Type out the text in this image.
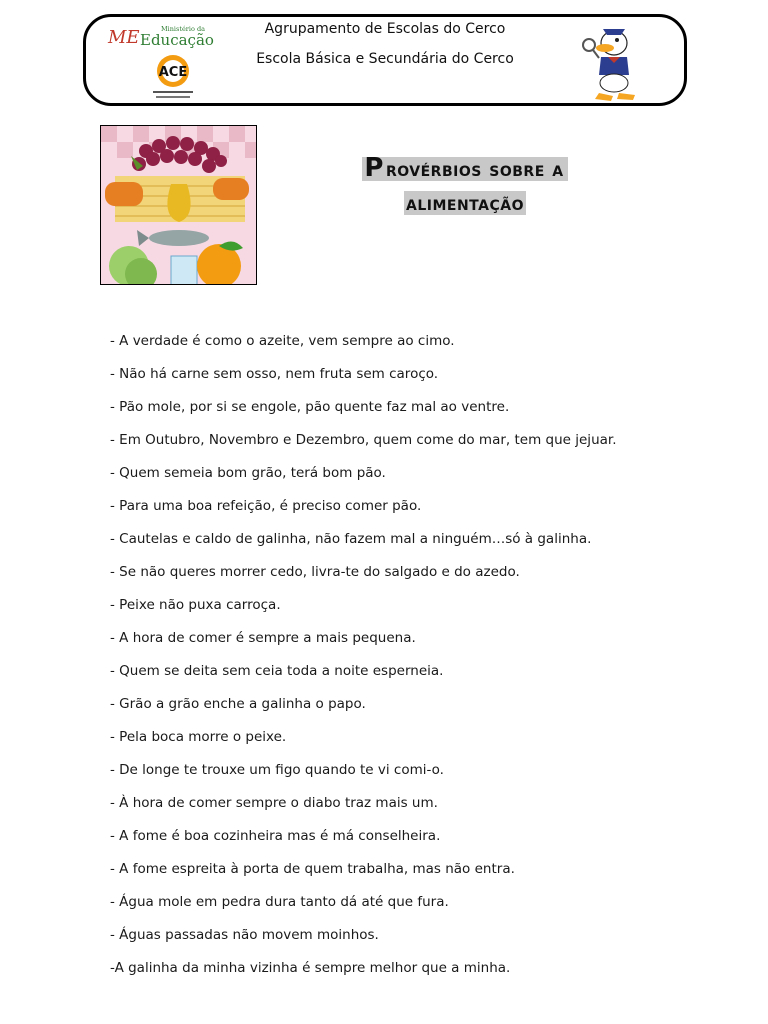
ME	Ministério da
Educação
ACE
Agrupamento de Escolas do Cerco
Escola Básica e Secundária do Cerco
P rovérbios sobre a
alimentação
- A verdade é como o azeite, vem sempre ao cimo.
- Não há carne sem osso, nem fruta sem caroço.
- Pão mole, por si se engole, pão quente faz mal ao ventre.
- Em Outubro, Novembro e Dezembro, quem come do mar, tem que jejuar.
- Quem semeia bom grão, terá bom pão.
- Para uma boa refeição, é preciso comer pão.
- Cautelas e caldo de galinha, não fazem mal a ninguém…só à galinha.
- Se não queres morrer cedo, livra-te do salgado e do azedo.
- Peixe não puxa carroça.
- A hora de comer é sempre a mais pequena.
- Quem se deita sem ceia toda a noite esperneia.
- Grão a grão enche a galinha o papo.
- Pela boca morre o peixe.
- De longe te trouxe um figo quando te vi comi-o.
- À hora de comer sempre o diabo traz mais um.
- A fome é boa cozinheira mas é má conselheira.
- A fome espreita à porta de quem trabalha, mas não entra.
- Água mole em pedra dura tanto dá até que fura.
- Águas passadas não movem moinhos.
-A galinha da minha vizinha é sempre melhor que a minha.
